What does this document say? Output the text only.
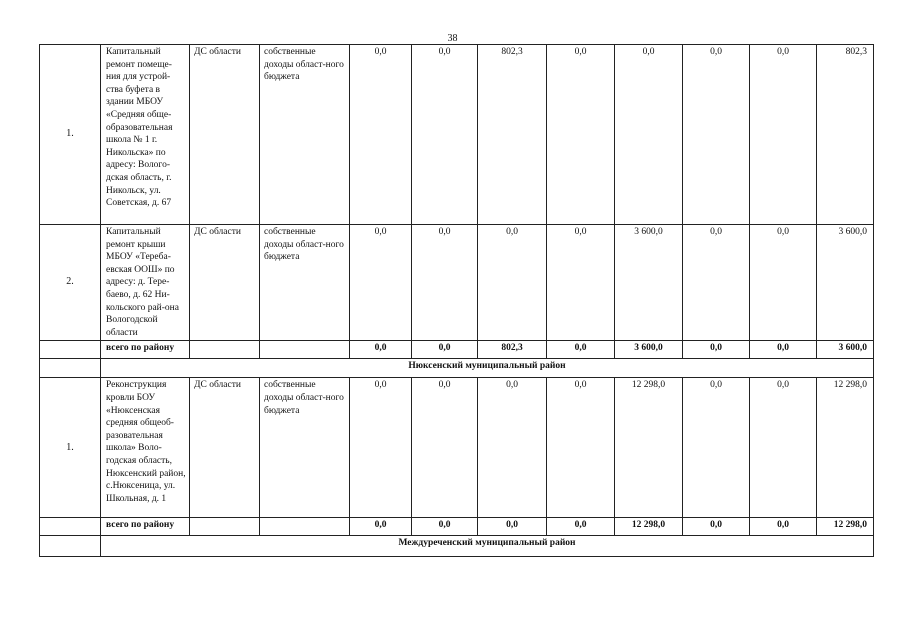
38
1.	Капитальный ремонт помеще-ния для устрой-ства буфета в здании МБОУ «Средняя обще-образовательная школа № 1 г. Никольска» по адресу: Волого-дская область, г. Никольск, ул. Советская, д. 67	ДС области	собственные доходы област-ного бюджета	0,0	0,0	802,3	0,0	0,0	0,0	0,0	802,3
2.	Капитальный ремонт крыши МБОУ «Тереба-евская ООШ» по адресу: д. Тере-баево, д. 62 Ни-кольского рай-она Вологодской области	ДС области	собственные доходы област-ного бюджета	0,0	0,0	0,0	0,0	3 600,0	0,0	0,0	3 600,0
	всего по району			0,0	0,0	802,3	0,0	3 600,0	0,0	0,0	3 600,0
	Нюксенский муниципальный район										
1.	Реконструкция кровли БОУ «Нюксенская средняя общеоб-разовательная школа» Воло-годская область, Нюксенский район, с.Нюксеница, ул. Школьная, д. 1	ДС области	собственные доходы област-ного бюджета	0,0	0,0	0,0	0,0	12 298,0	0,0	0,0	12 298,0
	всего по району			0,0	0,0	0,0	0,0	12 298,0	0,0	0,0	12 298,0
	Междуреченский муниципальный район										
